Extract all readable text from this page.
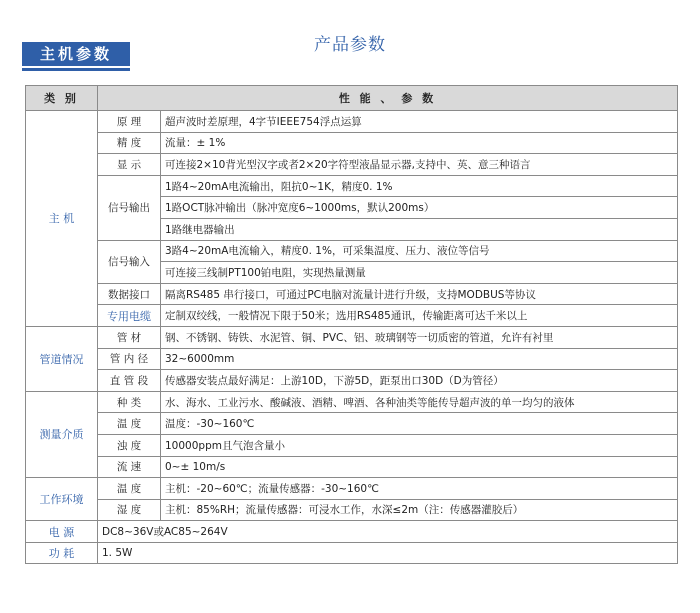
产品参数
主机参数
类 别	性 能 、 参 数	
主 机	原 理	超声波时差原理，4字节IEEE754浮点运算
	精 度	流量：± 1%
	显 示	可连接2×10背光型汉字或者2×20字符型液晶显示器,支持中、英、意三种语言
	信号输出	1路4~20mA电流输出，阻抗0~1K，精度0. 1%
		1路OCT脉冲输出（脉冲宽度6~1000ms，默认200ms）
		1路继电器输出
	信号输入	3路4~20mA电流输入，精度0. 1%，可采集温度、压力、液位等信号
		可连接三线制PT100铂电阻，实现热量测量
	数据接口	隔离RS485 串行接口，可通过PC电脑对流量计进行升级，支持MODBUS等协议
	专用电缆	定制双绞线，一般情况下限于50米；选用RS485通讯，传输距离可达千米以上
管道情况	管 材	钢、不锈钢、铸铁、水泥管、铜、PVC、铝、玻璃钢等一切质密的管道，允许有衬里
	管 内 径	32~6000mm
	直 管 段	传感器安装点最好满足：上游10D，下游5D，距泵出口30D（D为管径）
测量介质	种 类	水、海水、工业污水、酸碱液、酒精、啤酒、各种油类等能传导超声波的单一均匀的液体
	温 度	温度：-30~160℃
	浊 度	10000ppm且气泡含量小
	流 速	0~± 10m/s
工作环境	温 度	主机：-20~60℃；流量传感器：-30~160℃
	湿 度	主机：85%RH；流量传感器：可浸水工作，水深≤2m（注：传感器灌胶后）
电 源	DC8~36V或AC85~264V	
功 耗	1. 5W	
